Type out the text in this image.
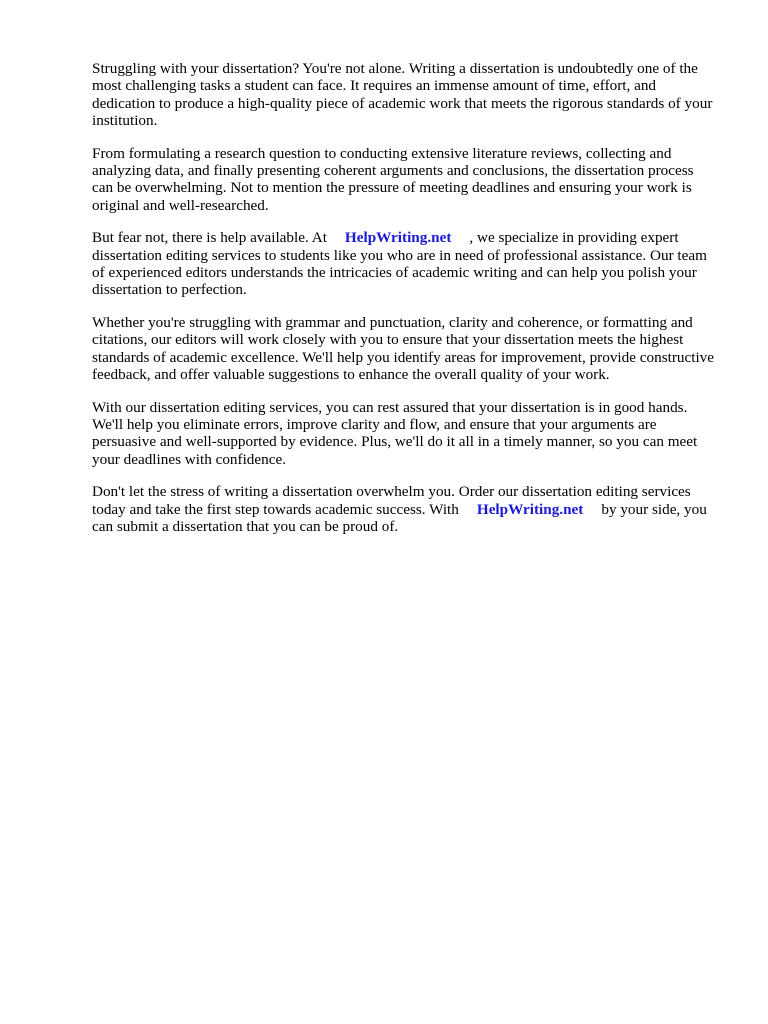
Struggling with your dissertation? You're not alone. Writing a dissertation is undoubtedly one of the most challenging tasks a student can face. It requires an immense amount of time, effort, and dedication to produce a high-quality piece of academic work that meets the rigorous standards of your institution.

From formulating a research question to conducting extensive literature reviews, collecting and analyzing data, and finally presenting coherent arguments and conclusions, the dissertation process can be overwhelming. Not to mention the pressure of meeting deadlines and ensuring your work is original and well-researched.

But fear not, there is help available. At HelpWriting.net , we specialize in providing expert dissertation editing services to students like you who are in need of professional assistance. Our team of experienced editors understands the intricacies of academic writing and can help you polish your dissertation to perfection.

Whether you're struggling with grammar and punctuation, clarity and coherence, or formatting and citations, our editors will work closely with you to ensure that your dissertation meets the highest standards of academic excellence. We'll help you identify areas for improvement, provide constructive feedback, and offer valuable suggestions to enhance the overall quality of your work.

With our dissertation editing services, you can rest assured that your dissertation is in good hands. We'll help you eliminate errors, improve clarity and flow, and ensure that your arguments are persuasive and well-supported by evidence. Plus, we'll do it all in a timely manner, so you can meet your deadlines with confidence.

Don't let the stress of writing a dissertation overwhelm you. Order our dissertation editing services today and take the first step towards academic success. With HelpWriting.net by your side, you can submit a dissertation that you can be proud of.
